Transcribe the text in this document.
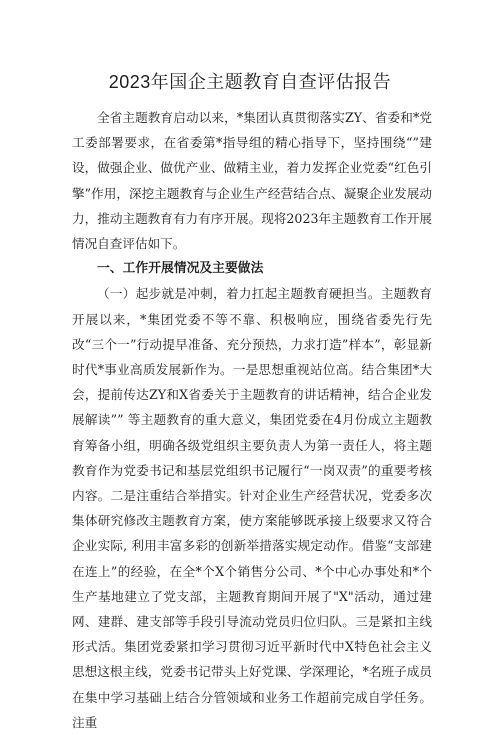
2023年国企主题教育自查评估报告

全省主题教育启动以来，*集团认真贯彻落实ZY、省委和*党工委部署要求，在省委第*指导组的精心指导下，坚持围绕“”建设，做强企业、做优产业、做精主业，着力发挥企业党委“红色引擎”作用，深挖主题教育与企业生产经营结合点、凝聚企业发展动力，推动主题教育有力有序开展。现将2023年主题教育工作开展情况自查评估如下。

一、工作开展情况及主要做法

（一）起步就是冲刺，着力扛起主题教育硬担当。主题教育开展以来，*集团党委不等不靠、积极响应，围绕省委先行先改“三个一”行动提早准备、充分预热，力求打造”样本”，彰显新时代*事业高质发展新作为。一是思想重视站位高。结合集团*大会，提前传达ZY和X省委关于主题教育的讲话精神，结合企业发展解读”” 等主题教育的重大意义，集团党委在4月份成立主题教育筹备小组，明确各级党组织主要负责人为第一责任人，将主题教育作为党委书记和基层党组织书记履行“一岗双责”的重要考核内容。二是注重结合举措实。针对企业生产经营状况，党委多次集体研究修改主题教育方案，使方案能够既承接上级要求又符合企业实际, 利用丰富多彩的创新举措落实规定动作。借鉴“支部建在连上”的经验，在全*个X个销售分公司、*个中心办事处和*个生产基地建立了党支部，主题教育期间开展了"X"活动，通过建网、建群、建支部等手段引导流动党员归位归队。三是紧扣主线形式活。集团党委紧扣学习贯彻习近平新时代中X特色社会主义思想这根主线，党委书记带头上好党课、学深理论，*名班子成员在集中学习基础上结合分管领域和业务工作超前完成自学任务。注重
